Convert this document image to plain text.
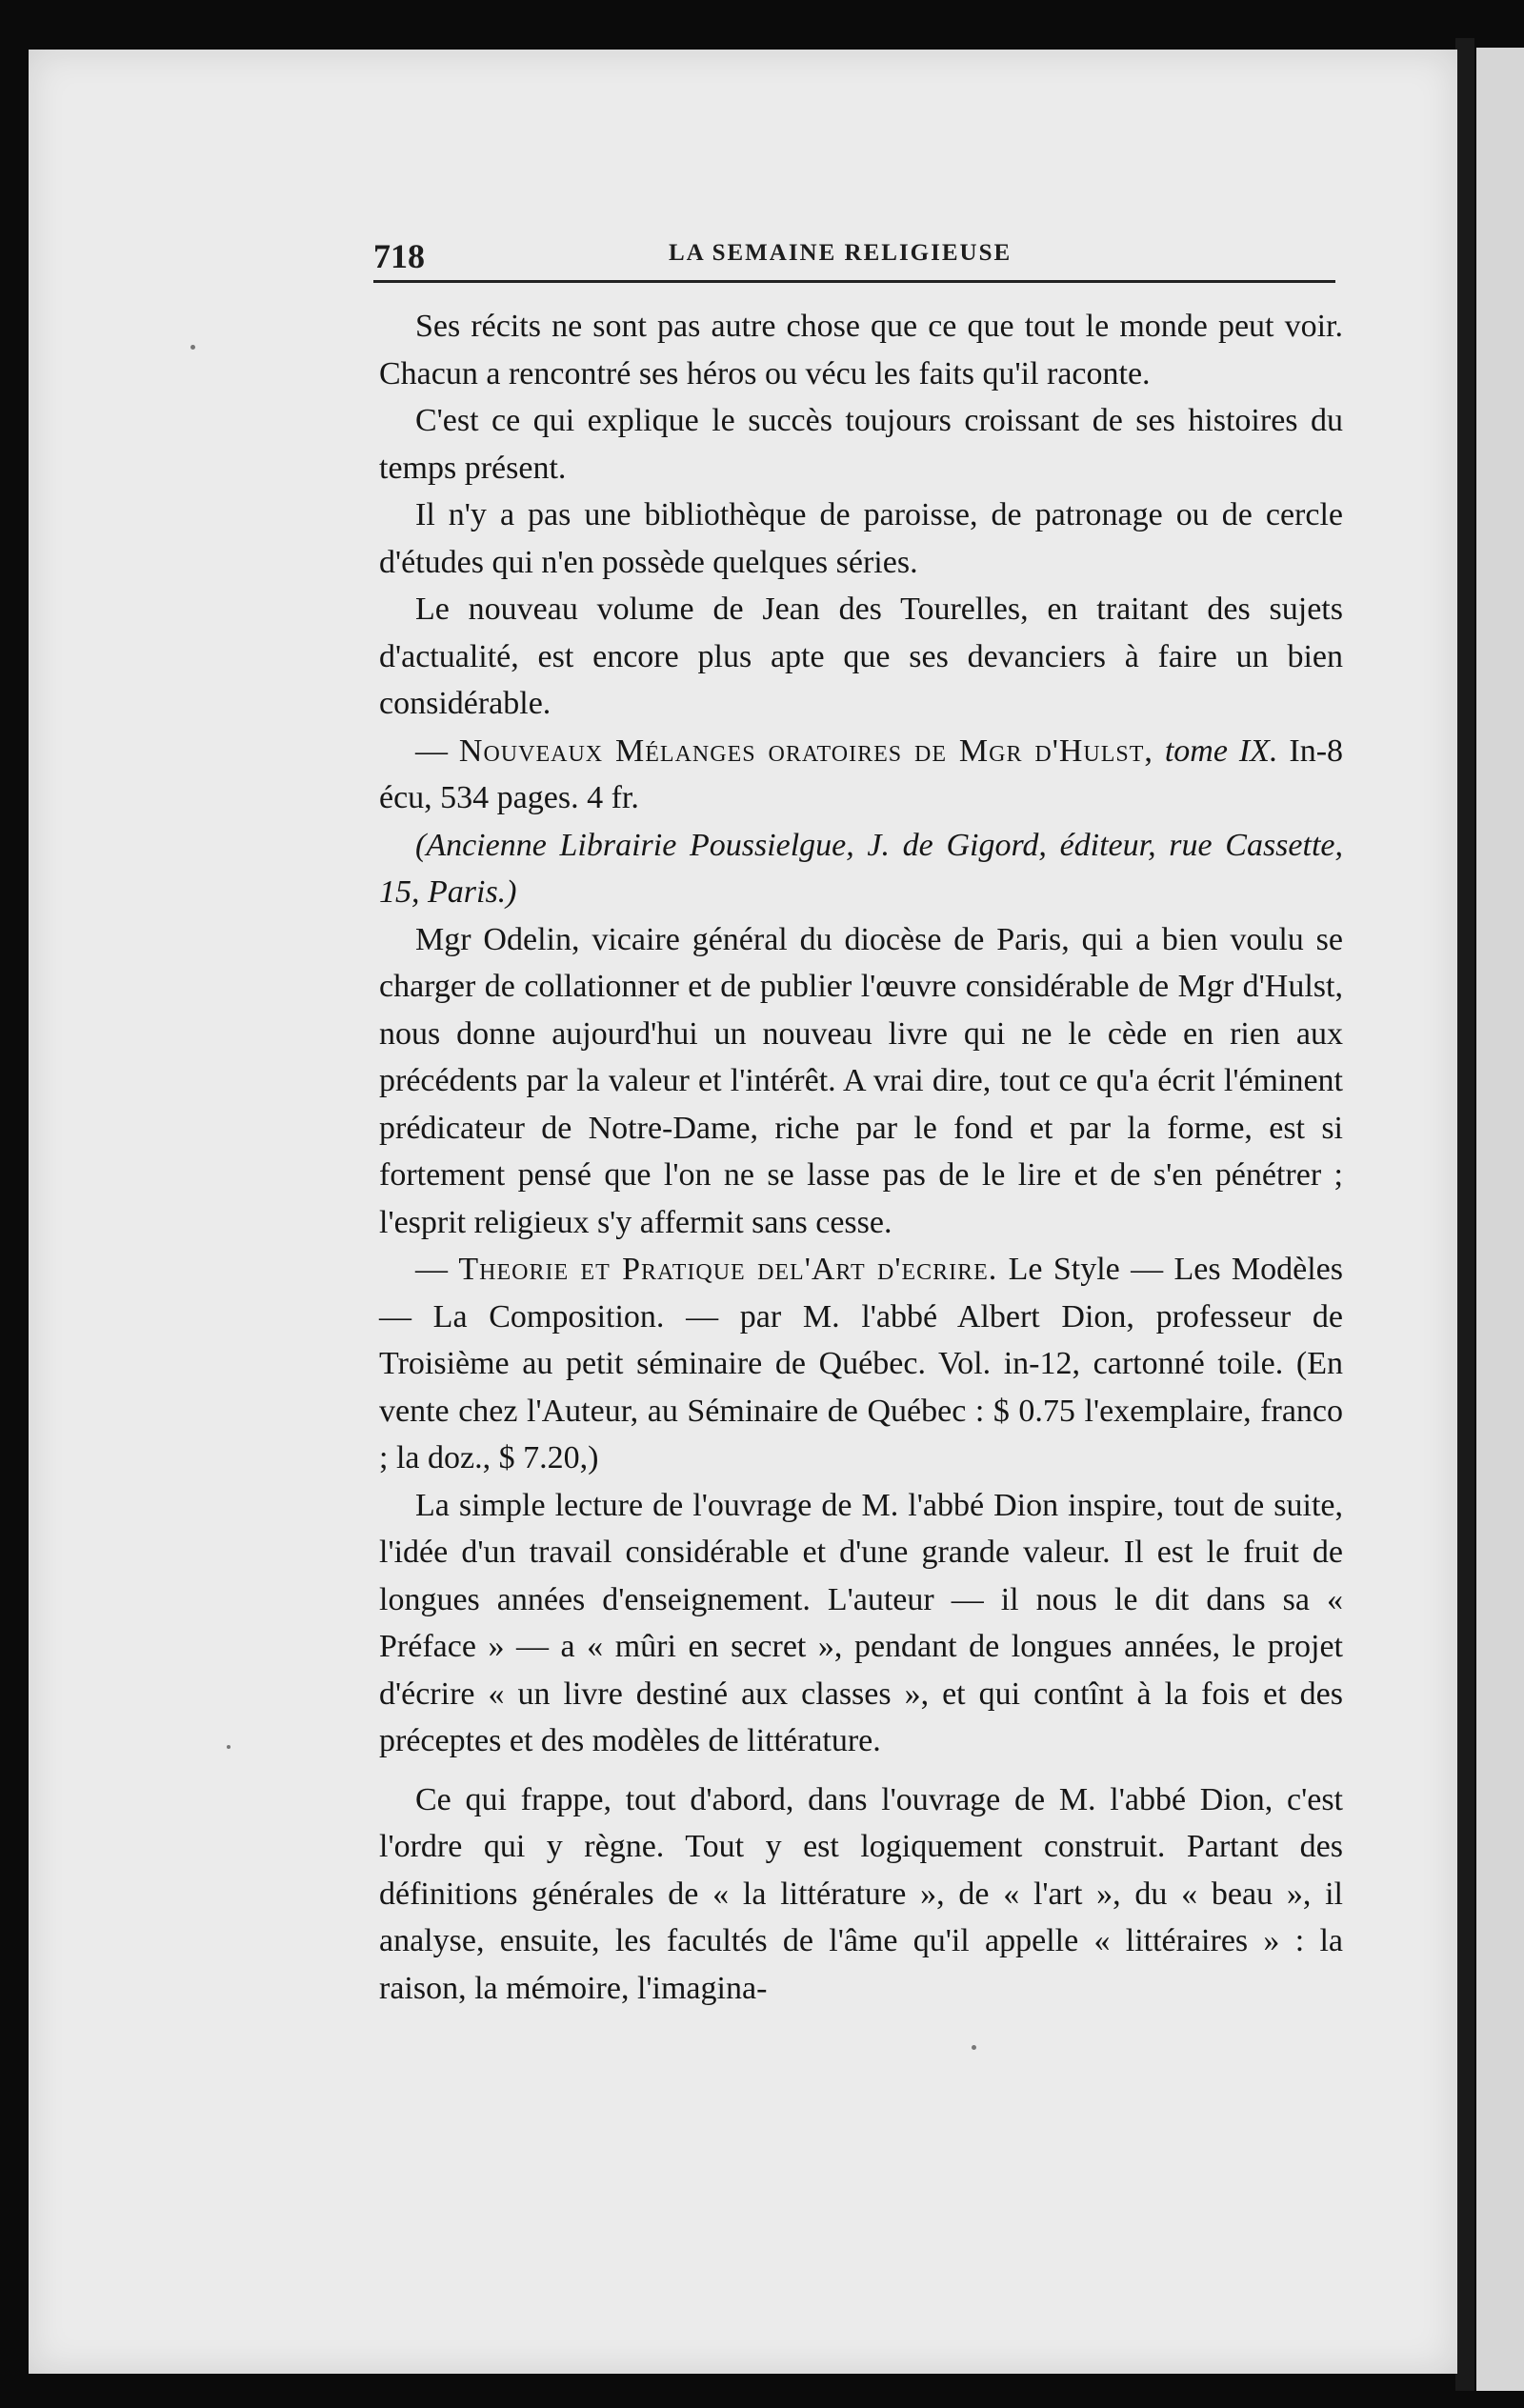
718	LA SEMAINE RELIGIEUSE

Ses récits ne sont pas autre chose que ce que tout le monde peut voir. Chacun a rencontré ses héros ou vécu les faits qu'il raconte.

C'est ce qui explique le succès toujours croissant de ses histoires du temps présent.

Il n'y a pas une bibliothèque de paroisse, de patronage ou de cercle d'études qui n'en possède quelques séries.

Le nouveau volume de Jean des Tourelles, en traitant des sujets d'actualité, est encore plus apte que ses devanciers à faire un bien considérable.

— Nouveaux Mélanges oratoires de Mgr d'Hulst, tome IX. In-8 écu, 534 pages. 4 fr.

(Ancienne Librairie Poussielgue, J. de Gigord, éditeur, rue Cassette, 15, Paris.)

Mgr Odelin, vicaire général du diocèse de Paris, qui a bien voulu se charger de collationner et de publier l'œuvre considérable de Mgr d'Hulst, nous donne aujourd'hui un nouveau livre qui ne le cède en rien aux précédents par la valeur et l'intérêt. A vrai dire, tout ce qu'a écrit l'éminent prédicateur de Notre-Dame, riche par le fond et par la forme, est si fortement pensé que l'on ne se lasse pas de le lire et de s'en pénétrer ; l'esprit religieux s'y affermit sans cesse.

— Theorie et Pratique del'Art d'ecrire. Le Style — Les Modèles — La Composition. — par M. l'abbé Albert Dion, professeur de Troisième au petit séminaire de Québec. Vol. in-12, cartonné toile. (En vente chez l'Auteur, au Séminaire de Québec : $ 0.75 l'exemplaire, franco ; la doz., $ 7.20,)

La simple lecture de l'ouvrage de M. l'abbé Dion inspire, tout de suite, l'idée d'un travail considérable et d'une grande valeur. Il est le fruit de longues années d'enseignement. L'auteur — il nous le dit dans sa « Préface » — a « mûri en secret », pendant de longues années, le projet d'écrire « un livre destiné aux classes », et qui contînt à la fois et des préceptes et des modèles de littérature.

Ce qui frappe, tout d'abord, dans l'ouvrage de M. l'abbé Dion, c'est l'ordre qui y règne. Tout y est logiquement construit. Partant des définitions générales de « la littérature », de « l'art », du « beau », il analyse, ensuite, les facultés de l'âme qu'il appelle « littéraires » : la raison, la mémoire, l'imagina-
